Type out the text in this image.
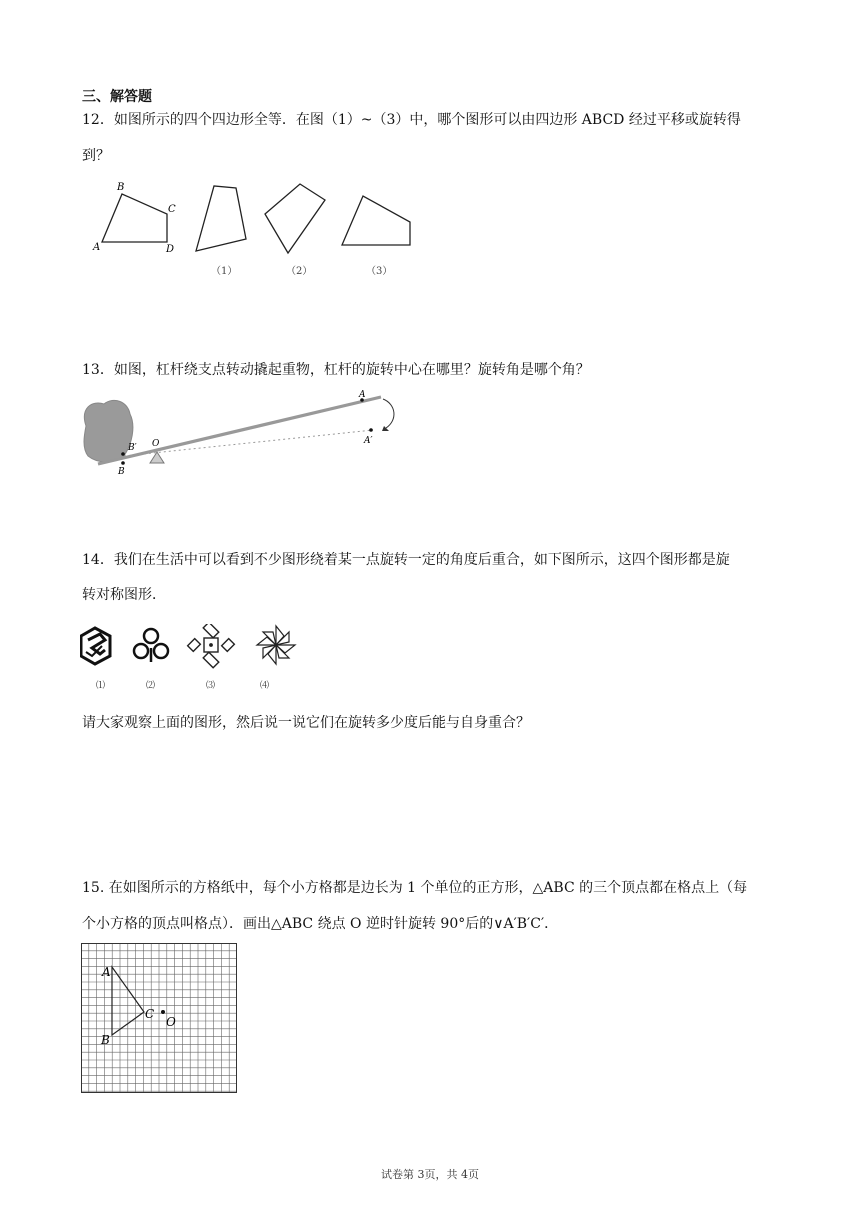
三、解答题
12．如图所示的四个四边形全等．在图（1）~（3）中，哪个图形可以由四边形 ABCD 经过平移或旋转得
到？
A
B
C
D
（1）	（2）	（3）
13．如图，杠杆绕支点转动撬起重物，杠杆的旋转中心在哪里？旋转角是哪个角？
A
A′
B′
B
O
14．我们在生活中可以看到不少图形绕着某一点旋转一定的角度后重合，如下图所示，这四个图形都是旋
转对称图形．
⑴	⑵	⑶	⑷
请大家观察上面的图形，然后说一说它们在旋转多少度后能与自身重合？
15. 在如图所示的方格纸中，每个小方格都是边长为 1 个单位的正方形，△ABC 的三个顶点都在格点上（每
个小方格的顶点叫格点）．画出△ABC 绕点 O 逆时针旋转 90°后的∨A′B′C′．
A
B
C
O
试卷第 3页，共 4页
